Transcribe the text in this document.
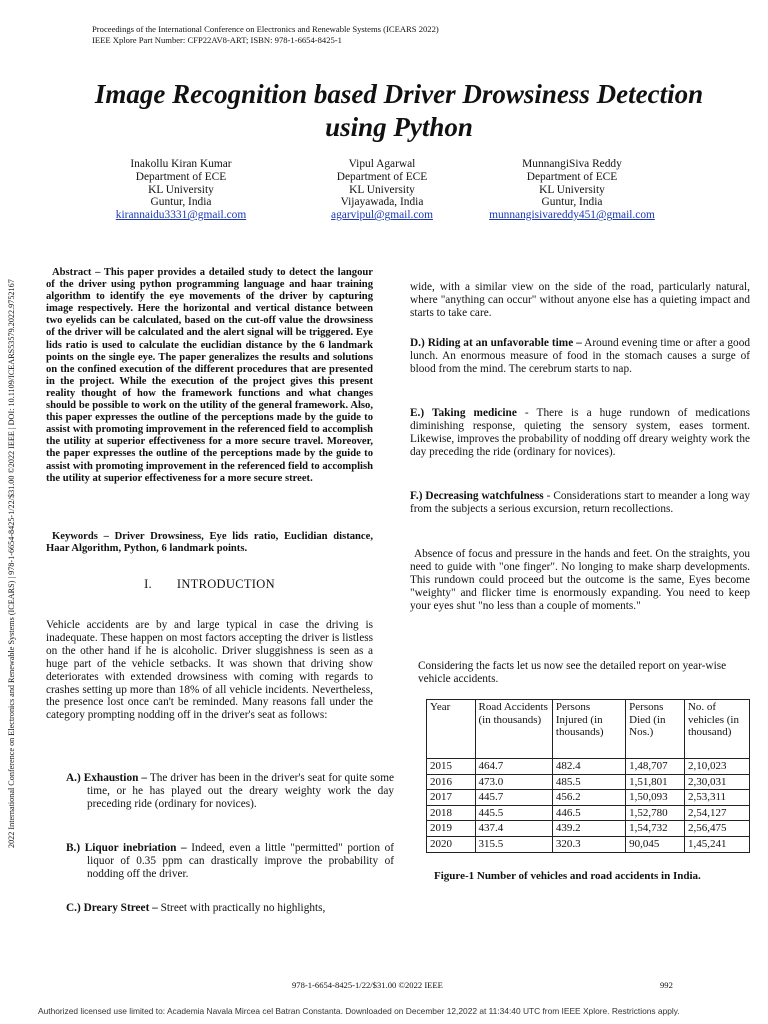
Proceedings of the International Conference on Electronics and Renewable Systems (ICEARS 2022)
IEEE Xplore Part Number: CFP22AV8-ART; ISBN: 978-1-6654-8425-1
2022 International Conference on Electronics and Renewable Systems (ICEARS) | 978-1-6654-8425-1/22/$31.00 ©2022 IEEE | DOI: 10.1109/ICEARS53579.2022.9752167
Image Recognition based Driver Drowsiness Detection
using Python
Inakollu Kiran Kumar
Department of ECE
KL University
Guntur, India
kirannaidu3331@gmail.com
Vipul Agarwal
Department of ECE
KL University
Vijayawada, India
agarvipul@gmail.com
MunnangiSiva Reddy
Department of ECE
KL University
Guntur, India
munnangisivareddy451@gmail.com
Abstract – This paper provides a detailed study to detect the langour of the driver using python programming language and haar training algorithm to identify the eye movements of the driver by capturing image respectively. Here the horizontal and vertical distance between two eyelids can be calculated, based on the cut-off value the drowsiness of the driver will be calculated and the alert signal will be triggered. Eye lids ratio is used to calculate the euclidian distance by the 6 landmark points on the single eye. The paper generalizes the results and solutions on the confined execution of the different procedures that are presented in the project. While the execution of the project gives this present reality thought of how the framework functions and what changes should be possible to work on the utility of the general framework. Also, this paper expresses the outline of the perceptions made by the guide to assist with promoting improvement in the referenced field to accomplish the utility at superior effectiveness for a more secure travel. Moreover, the paper expresses the outline of the perceptions made by the guide to assist with promoting improvement in the referenced field to accomplish the utility at superior effectiveness for a more secure street.
Keywords – Driver Drowsiness, Eye lids ratio, Euclidian distance, Haar Algorithm, Python, 6 landmark points.
I. INTRODUCTION
Vehicle accidents are by and large typical in case the driving is inadequate. These happen on most factors accepting the driver is listless on the other hand if he is alcoholic. Driver sluggishness is seen as a huge part of the vehicle setbacks. It was shown that driving show deteriorates with extended drowsiness with coming with regards to crashes setting up more than 18% of all vehicle incidents. Nevertheless, the presence lost once can't be reminded. Many reasons fall under the category prompting nodding off in the driver's seat as follows:
A.) Exhaustion – The driver has been in the driver's seat for quite some time, or he has played out the dreary weighty work the day preceding ride (ordinary for novices).
B.) Liquor inebriation – Indeed, even a little "permitted" portion of liquor of 0.35 ppm can drastically improve the probability of nodding off the driver.
C.) Dreary Street – Street with practically no highlights,
wide, with a similar view on the side of the road, particularly natural, where "anything can occur" without anyone else has a quieting impact and starts to take care.
D.) Riding at an unfavorable time – Around evening time or after a good lunch. An enormous measure of food in the stomach causes a surge of blood from the mind. The cerebrum starts to nap.
E.) Taking medicine - There is a huge rundown of medications diminishing response, quieting the sensory system, eases torment. Likewise, improves the probability of nodding off dreary weighty work the day preceding the ride (ordinary for novices).
F.) Decreasing watchfulness - Considerations start to meander a long way from the subjects a serious excursion, return recollections.
Absence of focus and pressure in the hands and feet. On the straights, you need to guide with "one finger". No longing to make sharp developments. This rundown could proceed but the outcome is the same, Eyes become "weighty" and flicker time is enormously expanding. You need to keep your eyes shut "no less than a couple of moments."
Considering the facts let us now see the detailed report on year-wise vehicle accidents.
Year	Road Accidents (in thousands)	Persons Injured (in thousands)	Persons Died (in Nos.)	No. of vehicles (in thousand)
2015	464.7	482.4	1,48,707	2,10,023
2016	473.0	485.5	1,51,801	2,30,031
2017	445.7	456.2	1,50,093	2,53,311
2018	445.5	446.5	1,52,780	2,54,127
2019	437.4	439.2	1,54,732	2,56,475
2020	315.5	320.3	90,045	1,45,241
Figure-1 Number of vehicles and road accidents in India.
978-1-6654-8425-1/22/$31.00 ©2022 IEEE	992
Authorized licensed use limited to: Academia Navala Mircea cel Batran Constanta. Downloaded on December 12,2022 at 11:34:40 UTC from IEEE Xplore. Restrictions apply.
